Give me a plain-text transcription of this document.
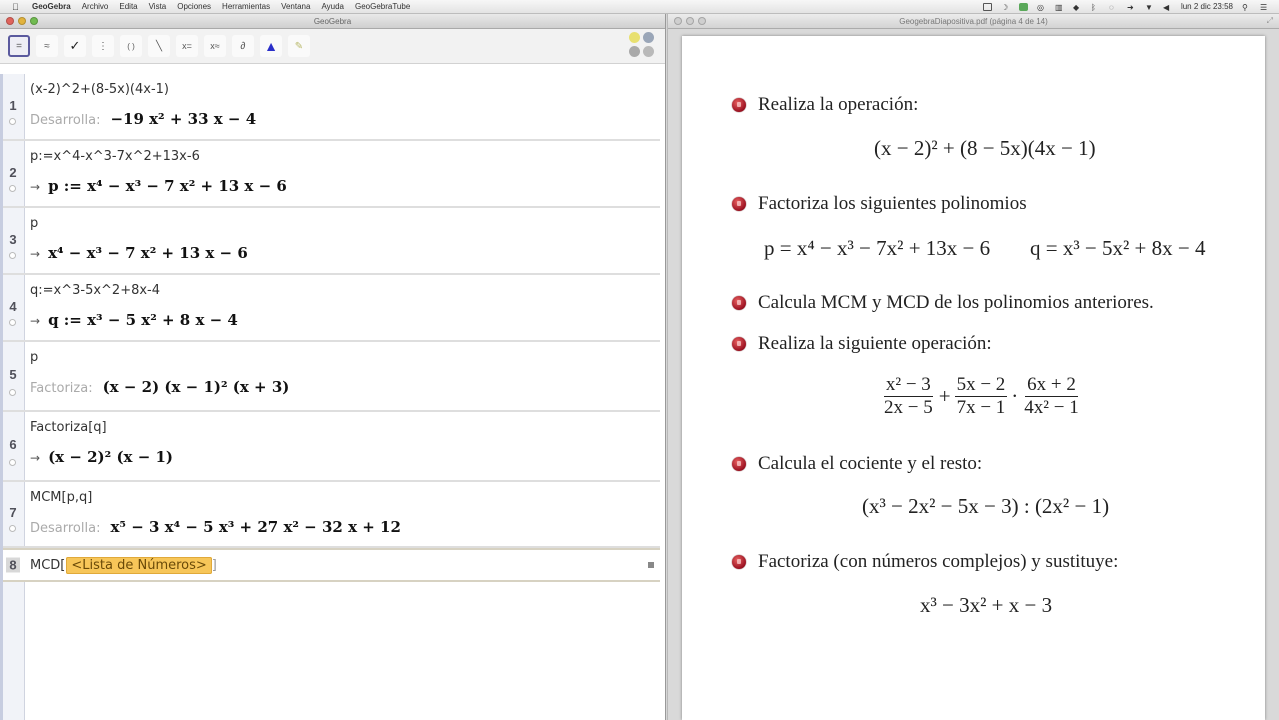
GeoGebra Archivo Edita Vista Opciones Herramientas Ventana Ayuda GeoGebraTube	☽	◎ ▥ ◆	ᛒ	◌	➜ ▼ ◀	lun 2 dic 23:58 ⚲	☰
GeoGebra
= ≈ ✓ ⋮ ( ) ╲ x= x≈ ∂ ▲ ✎
1
(x-2)^2+(8-5x)(4x-1)
Desarrolla: −19 x² + 33 x − 4
2
p:=x^4-x^3-7x^2+13x-6
→ p := x⁴ − x³ − 7 x² + 13 x − 6
3
p
→ x⁴ − x³ − 7 x² + 13 x − 6
4
q:=x^3-5x^2+8x-4
→ q := x³ − 5 x² + 8 x − 4
5
p
Factoriza: (x − 2) (x − 1)² (x + 3)
6
Factoriza[q]
→ (x − 2)² (x − 1)
7
MCM[p,q]
Desarrolla: x⁵ − 3 x⁴ − 5 x³ + 27 x² − 32 x + 12
8 MCD[ <Lista de Números> ]
GeogebraDiapositiva.pdf (página 4 de 14)	⤢
Realiza la operación:
(x − 2)² + (8 − 5x)(4x − 1)
Factoriza los siguientes polinomios
p = x⁴ − x³ − 7x² + 13x − 6 q = x³ − 5x² + 8x − 4
Calcula MCM y MCD de los polinomios anteriores.
Realiza la siguiente operación:
$\frac{\text{x² − 3}}{2x - 5} + \frac{5x - 2}{7x - 1} \cdot \frac{6x + 2}{\text{4x² − 1}}$
Calcula el cociente y el resto:
(x³ − 2x² − 5x − 3) : (2x² − 1)
Factoriza (con números complejos) y sustituye:
x³ − 3x² + x − 3
